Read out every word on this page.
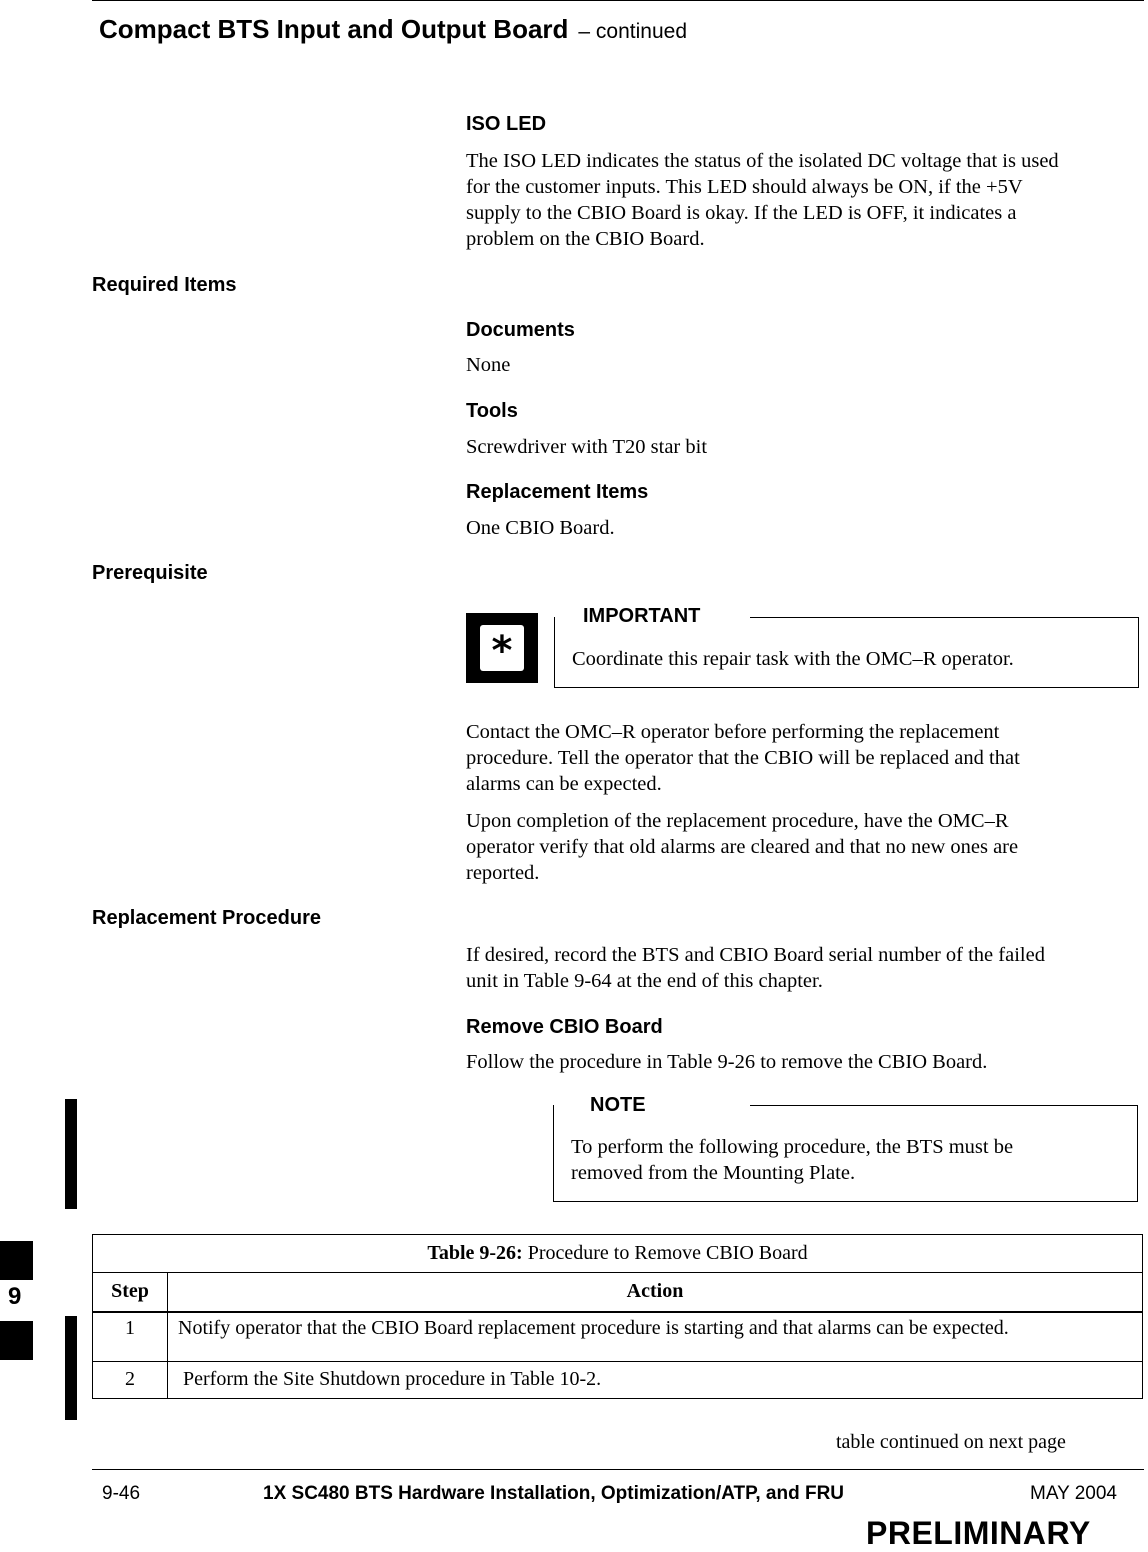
Compact BTS Input and Output Board – continued
ISO LED

The ISO LED indicates the status of the isolated DC voltage that is used

for the customer inputs. This LED should always be ON, if the +5V

supply to the CBIO Board is okay. If the LED is OFF, it indicates a

problem on the CBIO Board.

Required Items
Documents
None
Tools
Screwdriver with T20 star bit
Replacement Items
One CBIO Board.
Prerequisite
*
IMPORTANT
Coordinate this repair task with the OMC–R operator.

Contact the OMC–R operator before performing the replacement

procedure. Tell the operator that the CBIO will be replaced and that

alarms can be expected.

Upon completion of the replacement procedure, have the OMC–R

operator verify that old alarms are cleared and that no new ones are

reported.

Replacement Procedure

If desired, record the BTS and CBIO Board serial number of the failed

unit in Table 9-64 at the end of this chapter.

Remove CBIO Board
Follow the procedure in Table 9-26 to remove the CBIO Board.
NOTE
To perform the following procedure, the BTS must be
removed from the Mounting Plate.
Table 9-26: Procedure to Remove CBIO Board	
Step	Action
1	Notify operator that the CBIO Board replacement procedure is starting and that alarms can be expected.
2	Perform the Site Shutdown procedure in Table 10-2.
table continued on next page
9
9-46	1X SC480 BTS Hardware Installation, Optimization/ATP, and FRU	MAY 2004
PRELIMINARY
